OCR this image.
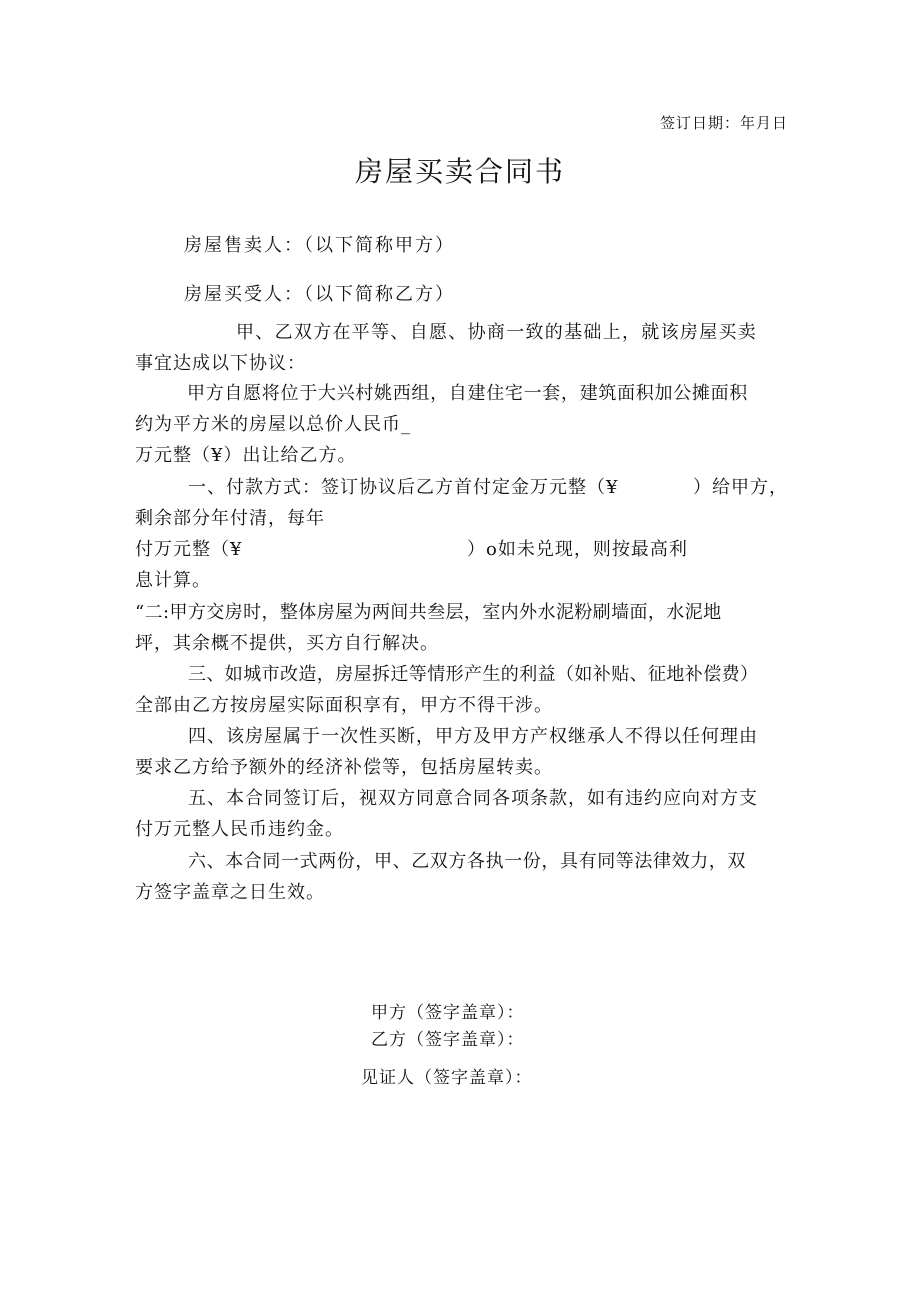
签订日期：年月日
房屋买卖合同书
房屋售卖人：（以下简称甲方）
房屋买受人：（以下简称乙方）
甲、乙双方在平等、自愿、协商一致的基础上，就该房屋买卖
事宜达成以下协议：
甲方自愿将位于大兴村姚西组，自建住宅一套，建筑面积加公摊面积
约为平方米的房屋以总价人民币_
万元整（¥）出让给乙方。
一、付款方式：签订协议后乙方首付定金万元整（¥	）给甲方，
剩余部分年付清，每年
付万元整（¥	）o如未兑现，则按最高利
息计算。
“二:甲方交房时，整体房屋为两间共叁层，室内外水泥粉刷墙面，水泥地
坪，其余概不提供，买方自行解决。
三、如城市改造，房屋拆迁等情形产生的利益（如补贴、征地补偿费）
全部由乙方按房屋实际面积享有，甲方不得干涉。
四、该房屋属于一次性买断，甲方及甲方产权继承人不得以任何理由
要求乙方给予额外的经济补偿等，包括房屋转卖。
五、本合同签订后，视双方同意合同各项条款，如有违约应向对方支
付万元整人民币违约金。
六、本合同一式两份，甲、乙双方各执一份，具有同等法律效力，双
方签字盖章之日生效。
甲方（签字盖章）：
乙方（签字盖章）：
见证人（签字盖章）：
